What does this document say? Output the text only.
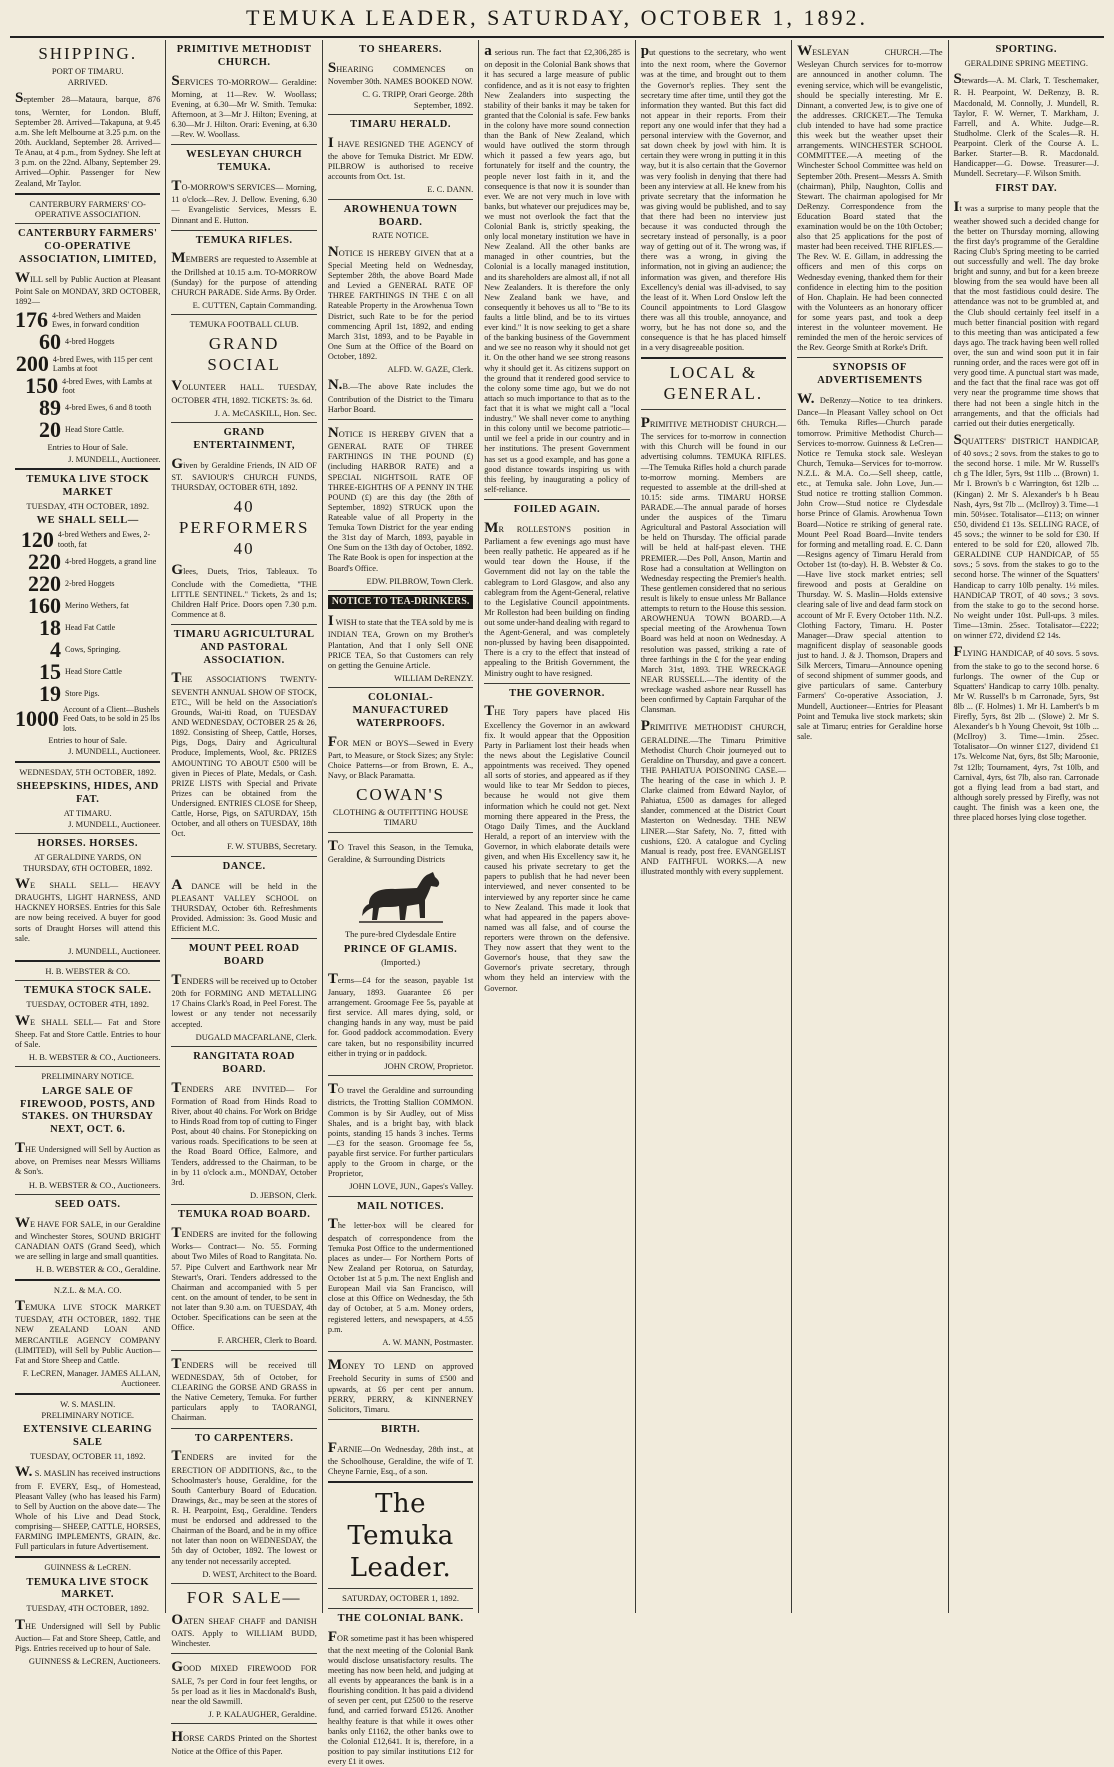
TEMUKA LEADER, SATURDAY, OCTOBER 1, 1892.
SHIPPING.
PORT OF TIMARU.
ARRIVED.
September 28—Mataura, barque, 876 tons, Wernter, for London. Bluff, September 28. Arrived—Takapuna, at 9.45 a.m. She left Melbourne at 3.25 p.m. on the 20th. Auckland, September 28. Arrived—Te Anau, at 4 p.m., from Sydney. She left at 3 p.m. on the 22nd. Albany, September 29. Arrived—Ophir. Passenger for New Zealand, Mr Taylor.
CANTERBURY FARMERS' CO-OPERATIVE ASSOCIATION.
CANTERBURY FARMERS' CO-OPERATIVE ASSOCIATION, LIMITED,
WILL sell by Public Auction at Pleasant Point Sale on MONDAY, 3RD OCTOBER, 1892—
176 4-bred Wethers and Maiden Ewes, in forward condition
60 4-bred Hoggets
200 4-bred Ewes, with 115 per cent Lambs at foot
150 4-bred Ewes, with Lambs at foot
89 4-bred Ewes, 6 and 8 tooth
20 Head Store Cattle.
Entries to Hour of Sale.
J. MUNDELL, Auctioneer.
TEMUKA LIVE STOCK MARKET
TUESDAY, 4TH OCTOBER, 1892.
WE SHALL SELL—
120 4-bred Wethers and Ewes, 2-tooth, fat
220 4-bred Hoggets, a grand line
220 2-bred Hoggets
160 Merino Wethers, fat
18 Head Fat Cattle
4 Cows, Springing.
15 Head Store Cattle
19 Store Pigs.
1000 Account of a Client—Bushels Feed Oats, to be sold in 25 lbs lots.
Entries to hour of Sale.
J. MUNDELL, Auctioneer.
WEDNESDAY, 5TH OCTOBER, 1892.
SHEEPSKINS, HIDES, AND FAT.
AT TIMARU.
J. MUNDELL, Auctioneer.
HORSES. HORSES.
AT GERALDINE YARDS, ON THURSDAY, 6TH OCTOBER, 1892.
WE SHALL SELL— HEAVY DRAUGHTS, LIGHT HARNESS, AND HACKNEY HORSES. Entries for this Sale are now being received. A buyer for good sorts of Draught Horses will attend this sale.
J. MUNDELL, Auctioneer.
H. B. WEBSTER & CO.
TEMUKA STOCK SALE.
TUESDAY, OCTOBER 4TH, 1892.
WE SHALL SELL— Fat and Store Sheep. Fat and Store Cattle. Entries to hour of Sale.
H. B. WEBSTER & CO., Auctioneers.
PRELIMINARY NOTICE.
LARGE SALE OF FIREWOOD, POSTS, AND STAKES. ON THURSDAY NEXT, OCT. 6.
THE Undersigned will Sell by Auction as above, on Premises near Messrs Williams & Son's.
H. B. WEBSTER & CO., Auctioneers.
SEED OATS.
WE HAVE FOR SALE, in our Geraldine and Winchester Stores, SOUND BRIGHT CANADIAN OATS (Grand Seed), which we are selling in large and small quantities.
H. B. WEBSTER & CO., Geraldine.
N.Z.L. & M.A. CO.
TEMUKA LIVE STOCK MARKET TUESDAY, 4TH OCTOBER, 1892. THE NEW ZEALAND LOAN AND MERCANTILE AGENCY COMPANY (LIMITED), will Sell by Public Auction— Fat and Store Sheep and Cattle.
F. LeCREN, Manager. JAMES ALLAN, Auctioneer.
W. S. MASLIN.
PRELIMINARY NOTICE.
EXTENSIVE CLEARING SALE
TUESDAY, OCTOBER 11, 1892.
W. S. MASLIN has received instructions from F. EVERY, Esq., of Homestead, Pleasant Valley (who has leased his Farm) to Sell by Auction on the above date— The Whole of his Live and Dead Stock, comprising— SHEEP, CATTLE, HORSES, FARMING IMPLEMENTS, GRAIN, &c. Full particulars in future Advertisement.
GUINNESS & LeCREN.
TEMUKA LIVE STOCK MARKET.
TUESDAY, 4TH OCTOBER, 1892.
THE Undersigned will Sell by Public Auction— Fat and Store Sheep, Cattle, and Pigs. Entries received up to hour of Sale.
GUINNESS & LeCREN, Auctioneers.
PRIMITIVE METHODIST CHURCH.
SERVICES TO-MORROW— Geraldine: Morning, at 11—Rev. W. Woollass; Evening, at 6.30—Mr W. Smith. Temuka: Afternoon, at 3—Mr J. Hilton; Evening, at 6.30—Mr J. Hilton. Orari: Evening, at 6.30—Rev. W. Woollass.
WESLEYAN CHURCH TEMUKA.
TO-MORROW'S SERVICES— Morning, 11 o'clock—Rev. J. Dellow. Evening, 6.30 — Evangelistic Services, Messrs E. Dinnant and E. Hutton.
TEMUKA RIFLES.
MEMBERS are requested to Assemble at the Drillshed at 10.15 a.m. TO-MORROW (Sunday) for the purpose of attending CHURCH PARADE. Side Arms. By Order.
E. CUTTEN, Captain Commanding.
TEMUKA FOOTBALL CLUB.
GRAND SOCIAL
VOLUNTEER HALL. TUESDAY, OCTOBER 4TH, 1892. TICKETS: 3s. 6d.
J. A. McCASKILL, Hon. Sec.
GRAND ENTERTAINMENT,
Given by Geraldine Friends, IN AID OF ST. SAVIOUR'S CHURCH FUNDS, THURSDAY, OCTOBER 6TH, 1892.
40 PERFORMERS 40
Glees, Duets, Trios, Tableaux. To Conclude with the Comedietta, "THE LITTLE SENTINEL." Tickets, 2s and 1s; Children Half Price. Doors open 7.30 p.m. Commence at 8.
TIMARU AGRICULTURAL AND PASTORAL ASSOCIATION.
THE ASSOCIATION'S TWENTY-SEVENTH ANNUAL SHOW OF STOCK, ETC., Will be held on the Association's Grounds, Wai-iti Road, on TUESDAY AND WEDNESDAY, OCTOBER 25 & 26, 1892. Consisting of Sheep, Cattle, Horses, Pigs, Dogs, Dairy and Agricultural Produce, Implements, Wool, &c. PRIZES AMOUNTING TO ABOUT £500 will be given in Pieces of Plate, Medals, or Cash. PRIZE LISTS with Special and Private Prizes can be obtained from the Undersigned. ENTRIES CLOSE for Sheep, Cattle, Horse, Pigs, on SATURDAY, 15th October, and all others on TUESDAY, 18th Oct.
F. W. STUBBS, Secretary.
DANCE.
A DANCE will be held in the PLEASANT VALLEY SCHOOL on THURSDAY, October 6th. Refreshments Provided. Admission: 3s. Good Music and Efficient M.C.
MOUNT PEEL ROAD BOARD
TENDERS will be received up to October 20th for FORMING AND METALLING 17 Chains Clark's Road, in Peel Forest. The lowest or any tender not necessarily accepted.
DUGALD MACFARLANE, Clerk.
RANGITATA ROAD BOARD.
TENDERS ARE INVITED— For Formation of Road from Hinds Road to River, about 40 chains. For Work on Bridge to Hinds Road from top of cutting to Finger Post, about 40 chains. For Stonepicking on various roads. Specifications to be seen at the Road Board Office, Ealmore, and Tenders, addressed to the Chairman, to be in by 11 o'clock a.m., MONDAY, October 3rd.
D. JEBSON, Clerk.
TEMUKA ROAD BOARD.
TENDERS are invited for the following Works— Contract— No. 55. Forming about Two Miles of Road to Rangitata. No. 57. Pipe Culvert and Earthwork near Mr Stewart's, Orari. Tenders addressed to the Chairman and accompanied with 5 per cent. on the amount of tender, to be sent in not later than 9.30 a.m. on TUESDAY, 4th October. Specifications can be seen at the Office.
F. ARCHER, Clerk to Board.
TENDERS will be received till WEDNESDAY, 5th of October, for CLEARING the GORSE AND GRASS in the Native Cemetery, Temuka. For further particulars apply to TAORANGI, Chairman.
TO CARPENTERS.
TENDERS are invited for the ERECTION OF ADDITIONS, &c., to the Schoolmaster's house, Geraldine, for the South Canterbury Board of Education. Drawings, &c., may be seen at the stores of R. H. Pearpoint, Esq., Geraldine. Tenders must be endorsed and addressed to the Chairman of the Board, and be in my office not later than noon on WEDNESDAY, the 5th day of October, 1892. The lowest or any tender not necessarily accepted.
D. WEST, Architect to the Board.
FOR SALE—
OATEN SHEAF CHAFF and DANISH OATS. Apply to WILLIAM BUDD, Winchester.
GOOD MIXED FIREWOOD FOR SALE, 7s per Cord in four feet lengths, or 5s per load as it lies in Macdonald's Bush, near the old Sawmill.
J. P. KALAUGHER, Geraldine.
HORSE CARDS Printed on the Shortest Notice at the Office of this Paper.
TO SHEARERS.
SHEARING COMMENCES on November 30th. NAMES BOOKED NOW.
C. G. TRIPP, Orari George. 28th September, 1892.
TIMARU HERALD.
I HAVE RESIGNED THE AGENCY of the above for Temuka District. Mr EDW. PILBROW is authorised to receive accounts from Oct. 1st.
E. C. DANN.
AROWHENUA TOWN BOARD.
RATE NOTICE.
NOTICE IS HEREBY GIVEN that at a Special Meeting held on Wednesday, September 28th, the above Board Made and Levied a GENERAL RATE OF THREE FARTHINGS IN THE £ on all Rateable Property in the Arowhenua Town District, such Rate to be for the period commencing April 1st, 1892, and ending March 31st, 1893, and to be Payable in One Sum at the Office of the Board on October, 1892.
ALFD. W. GAZE, Clerk.
N.B.—The above Rate includes the Contribution of the District to the Timaru Harbor Board.
NOTICE IS HEREBY GIVEN that a GENERAL RATE OF THREE FARTHINGS IN THE POUND (£) (including HARBOR RATE) and a SPECIAL NIGHTSOIL RATE OF THREE-EIGHTHS OF A PENNY IN THE POUND (£) are this day (the 28th of September, 1892) STRUCK upon the Rateable value of all Property in the Temuka Town District for the year ending the 31st day of March, 1893, payable in One Sum on the 13th day of October, 1892. The Rate Book is open for inspection at the Board's Office.
EDW. PILBROW, Town Clerk.
NOTICE TO TEA-DRINKERS.
I WISH to state that the TEA sold by me is INDIAN TEA, Grown on my Brother's Plantation, And that I only Sell ONE PRICE TEA, So that Customers can rely on getting the Genuine Article.
WILLIAM DeRENZY.
COLONIAL-MANUFACTURED WATERPROOFS.
FOR MEN or BOYS—Sewed in Every Part, to Measure, or Stock Sizes; any Style: Choice Patterns—or from Brown, E. A., Navy, or Black Paramatta.
COWAN'S
CLOTHING & OUTFITTING HOUSE TIMARU
TO Travel this Season, in the Temuka, Geraldine, & Surrounding Districts
The pure-bred Clydesdale Entire
PRINCE OF GLAMIS.
(Imported.)
Terms—£4 for the season, payable 1st January, 1893. Guarantee £6 per arrangement. Groomage Fee 5s, payable at first service. All mares dying, sold, or changing hands in any way, must be paid for. Good paddock accommodation. Every care taken, but no responsibility incurred either in trying or in paddock.
JOHN CROW, Proprietor.
TO travel the Geraldine and surrounding districts, the Trotting Stallion COMMON. Common is by Sir Audley, out of Miss Shales, and is a bright bay, with black points, standing 15 hands 3 inches. Terms—£3 for the season. Groomage fee 5s, payable first service. For further particulars apply to the Groom in charge, or the Proprietor,
JOHN LOVE, JUN., Gapes's Valley.
MAIL NOTICES.
The letter-box will be cleared for despatch of correspondence from the Temuka Post Office to the undermentioned places as under— For Northern Ports of New Zealand per Rotorua, on Saturday, October 1st at 5 p.m. The next English and European Mail via San Francisco, will close at this Office on Wednesday, the 5th day of October, at 5 a.m. Money orders, registered letters, and newspapers, at 4.55 p.m.
A. W. MANN, Postmaster.
MONEY TO LEND on approved Freehold Security in sums of £500 and upwards, at £6 per cent per annum. PERRY, PERRY, & KINNERNEY Solicitors, Timaru.
BIRTH.
FARNIE—On Wednesday, 28th inst., at the Schoolhouse, Geraldine, the wife of T. Cheyne Farnie, Esq., of a son.
The Temuka Leader.
SATURDAY, OCTOBER 1, 1892.
THE COLONIAL BANK.
FOR sometime past it has been whispered that the next meeting of the Colonial Bank would disclose unsatisfactory results. The meeting has now been held, and judging at all events by appearances the bank is in a flourishing condition. It has paid a dividend of seven per cent, put £2500 to the reserve fund, and carried forward £5126. Another healthy feature is that while it owes other banks only £1162, the other banks owe to the Colonial £12,641. It is, therefore, in a position to pay similar institutions £12 for every £1 it owes.
a serious run. The fact that £2,306,285 is on deposit in the Colonial Bank shows that it has secured a large measure of public confidence, and as it is not easy to frighten New Zealanders into suspecting the stability of their banks it may be taken for granted that the Colonial is safe. Few banks in the colony have more sound connection than the Bank of New Zealand, which would have outlived the storm through which it passed a few years ago, but fortunately for itself and the country, the people never lost faith in it, and the consequence is that now it is sounder than ever. We are not very much in love with banks, but whatever our prejudices may be, we must not overlook the fact that the Colonial Bank is, strictly speaking, the only local monetary institution we have in New Zealand. All the other banks are managed in other countries, but the Colonial is a locally managed institution, and its shareholders are almost all, if not all New Zealanders. It is therefore the only New Zealand bank we have, and consequently it behoves us all to "Be to its faults a little blind, and be to its virtues ever kind." It is now seeking to get a share of the banking business of the Government and we see no reason why it should not get it. On the other hand we see strong reasons why it should get it. As citizens support on the ground that it rendered good service to the colony some time ago, but we do not attach so much importance to that as to the fact that it is what we might call a "local industry." We shall never come to anything in this colony until we become patriotic—until we feel a pride in our country and in her institutions. The present Government has set us a good example, and has gone a good distance towards inspiring us with this feeling, by inaugurating a policy of self-reliance.
FOILED AGAIN.
MR ROLLESTON'S position in Parliament a few evenings ago must have been really pathetic. He appeared as if he would tear down the House, if the Government did not lay on the table the cablegram to Lord Glasgow, and also any cablegram from the Agent-General, relative to the Legislative Council appointments. Mr Rolleston had been building on finding out some under-hand dealing with regard to the Agent-General, and was completely non-plussed by having been disappointed. There is a cry to the effect that instead of appealing to the British Government, the Ministry ought to have resigned.
THE GOVERNOR.
THE Tory papers have placed His Excellency the Governor in an awkward fix. It would appear that the Opposition Party in Parliament lost their heads when the news about the Legislative Council appointments was received. They opened all sorts of stories, and appeared as if they would like to tear Mr Seddon to pieces, because he would not give them information which he could not get. Next morning there appeared in the Press, the Otago Daily Times, and the Auckland Herald, a report of an interview with the Governor, in which elaborate details were given, and when His Excellency saw it, he caused his private secretary to get the papers to publish that he had never been interviewed, and never consented to be interviewed by any reporter since he came to New Zealand. This made it look that what had appeared in the papers above-named was all false, and of course the reporters were thrown on the defensive. They now assert that they went to the Governor's house, that they saw the Governor's private secretary, through whom they held an interview with the Governor.
put questions to the secretary, who went into the next room, where the Governor was at the time, and brought out to them the Governor's replies. They sent the secretary time after time, until they got the information they wanted. But this fact did not appear in their reports. From their report any one would infer that they had a personal interview with the Governor, and sat down cheek by jowl with him. It is certain they were wrong in putting it in this way, but it is also certain that the Governor was very foolish in denying that there had been any interview at all. He knew from his private secretary that the information he was giving would be published, and to say that there had been no interview just because it was conducted through the secretary instead of personally, is a poor way of getting out of it. The wrong was, if there was a wrong, in giving the information, not in giving an audience; the information was given, and therefore His Excellency's denial was ill-advised, to say the least of it. When Lord Onslow left the Council appointments to Lord Glasgow there was all this trouble, annoyance, and worry, but he has not done so, and the consequence is that he has placed himself in a very disagreeable position.
LOCAL & GENERAL.
PRIMITIVE METHODIST CHURCH.—The services for to-morrow in connection with this Church will be found in our advertising columns. TEMUKA RIFLES.—The Temuka Rifles hold a church parade to-morrow morning. Members are requested to assemble at the drill-shed at 10.15: side arms. TIMARU HORSE PARADE.—The annual parade of horses under the auspices of the Timaru Agricultural and Pastoral Association will be held on Thursday. The official parade will be held at half-past eleven. THE PREMIER.—Des Poll, Anson, Martin and Rose had a consultation at Wellington on Wednesday respecting the Premier's health. These gentlemen considered that no serious result is likely to ensue unless Mr Ballance attempts to return to the House this session. AROWHENUA TOWN BOARD.—A special meeting of the Arowhenua Town Board was held at noon on Wednesday. A resolution was passed, striking a rate of three farthings in the £ for the year ending March 31st, 1893. THE WRECKAGE NEAR RUSSELL.—The identity of the wreckage washed ashore near Russell has been confirmed by Captain Farquhar of the Clansman.
PRIMITIVE METHODIST CHURCH, GERALDINE.—The Timaru Primitive Methodist Church Choir journeyed out to Geraldine on Thursday, and gave a concert. THE PAHIATUA POISONING CASE.—The hearing of the case in which J. P. Clarke claimed from Edward Naylor, of Pahiatua, £500 as damages for alleged slander, commenced at the District Court Masterton on Wednesday. THE NEW LINER.—Star Safety, No. 7, fitted with cushions, £20. A catalogue and Cycling Manual is ready, post free. EVANGELIST AND FAITHFUL WORKS.—A new illustrated monthly with every supplement.
WESLEYAN CHURCH.—The Wesleyan Church services for to-morrow are announced in another column. The evening service, which will be evangelistic, should be specially interesting. Mr E. Dinnant, a converted Jew, is to give one of the addresses. CRICKET.—The Temuka club intended to have had some practice this week but the weather upset their arrangements. WINCHESTER SCHOOL COMMITTEE.—A meeting of the Winchester School Committee was held on September 20th. Present—Messrs A. Smith (chairman), Philp, Naughton, Collis and Stewart. The chairman apologised for Mr DeRenzy. Correspondence from the Education Board stated that the examination would be on the 10th October; also that 25 applications for the post of master had been received. THE RIFLES.—The Rev. W. E. Gillam, in addressing the officers and men of this corps on Wednesday evening, thanked them for their confidence in electing him to the position of Hon. Chaplain. He had been connected with the Volunteers as an honorary officer for some years past, and took a deep interest in the volunteer movement. He reminded the men of the heroic services of the Rev. George Smith at Rorke's Drift.
SYNOPSIS OF ADVERTISEMENTS
W. DeRenzy—Notice to tea drinkers. Dance—In Pleasant Valley school on Oct 6th. Temuka Rifles—Church parade tomorrow. Primitive Methodist Church—Services to-morrow. Guinness & LeCren—Notice re Temuka stock sale. Wesleyan Church, Temuka—Services for to-morrow. N.Z.L. & M.A. Co.—Sell sheep, cattle, etc., at Temuka sale. John Love, Jun.—Stud notice re trotting stallion Common. John Crow—Stud notice re Clydesdale horse Prince of Glamis. Arowhenua Town Board—Notice re striking of general rate. Mount Peel Road Board—Invite tenders for forming and metalling road. E. C. Dann—Resigns agency of Timaru Herald from October 1st (to-day). H. B. Webster & Co.—Have live stock market entries; sell firewood and posts at Geraldine on Thursday. W. S. Maslin—Holds extensive clearing sale of live and dead farm stock on account of Mr F. Every October 11th. N.Z. Clothing Factory, Timaru. H. Poster Manager—Draw special attention to magnificent display of seasonable goods just to hand. J. & J. Thomson, Drapers and Silk Mercers, Timaru—Announce opening of second shipment of summer goods, and give particulars of same. Canterbury Farmers' Co-operative Association, J. Mundell, Auctioneer—Entries for Pleasant Point and Temuka live stock markets; skin sale at Timaru; entries for Geraldine horse sale.
SPORTING.
GERALDINE SPRING MEETING.
Stewards—A. M. Clark, T. Teschemaker, R. H. Pearpoint, W. DeRenzy, B. R. Macdonald, M. Connolly, J. Mundell, R. Taylor, F. W. Werner, T. Markham, J. Farrell, and A. White. Judge—R. Studholme. Clerk of the Scales—R. H. Pearpoint. Clerk of the Course A. L. Barker. Starter—B. R. Macdonald. Handicapper—G. Dowse. Treasurer—J. Mundell. Secretary—F. Wilson Smith.
FIRST DAY.
It was a surprise to many people that the weather showed such a decided change for the better on Thursday morning, allowing the first day's programme of the Geraldine Racing Club's Spring meeting to be carried out successfully and well. The day broke bright and sunny, and but for a keen breeze blowing from the sea would have been all that the most fastidious could desire. The attendance was not to be grumbled at, and the Club should certainly feel itself in a much better financial position with regard to this meeting than was anticipated a few days ago. The track having been well rolled over, the sun and wind soon put it in fair running order, and the races were got off in very good time. A punctual start was made, and the fact that the final race was got off very near the programme time shows that there had not been a single hitch in the arrangements, and that the officials had carried out their duties energetically.
SQUATTERS' DISTRICT HANDICAP, of 40 sovs.; 2 sovs. from the stakes to go to the second horse. 1 mile. Mr W. Russell's ch g The Idler, 5yrs, 9st 11lb ... (Brown) 1. Mr I. Brown's b c Warrington, 6st 12lb ... (Kingan) 2. Mr S. Alexander's b h Beau Nash, 4yrs, 9st 7lb ... (McIlroy) 3. Time—1 min. 50½sec. Totalisator—£113; on winner £50, dividend £1 13s. SELLING RACE, of 45 sovs.; the winner to be sold for £30. If entered to be sold for £20, allowed 7lb. GERALDINE CUP HANDICAP, of 55 sovs.; 5 sovs. from the stakes to go to the second horse. The winner of the Squatters' Handicap to carry 10lb penalty. 1½ miles. HANDICAP TROT, of 40 sovs.; 3 sovs. from the stake to go to the second horse. No weight under 10st. Pull-ups. 3 miles. Time—13min. 25sec. Totalisator—£222; on winner £72, dividend £2 14s.
FLYING HANDICAP, of 40 sovs. 5 sovs. from the stake to go to the second horse. 6 furlongs. The owner of the Cup or Squatters' Handicap to carry 10lb. penalty. Mr W. Russell's b m Carronade, 5yrs, 9st 8lb ... (F. Holmes) 1. Mr H. Lambert's b m Firefly, 5yrs, 8st 2lb ... (Slowe) 2. Mr S. Alexander's b h Young Chevoit, 9st 10lb ... (McIlroy) 3. Time—1min. 25sec. Totalisator—On winner £127, dividend £1 17s. Welcome Nat, 6yrs, 8st 5lb; Maroonie, 7st 12lb; Tournament, 4yrs, 7st 10lb, and Carnival, 4yrs, 6st 7lb, also ran. Carronade got a flying lead from a bad start, and although sorely pressed by Firefly, was not caught. The finish was a keen one, the three placed horses lying close together.
